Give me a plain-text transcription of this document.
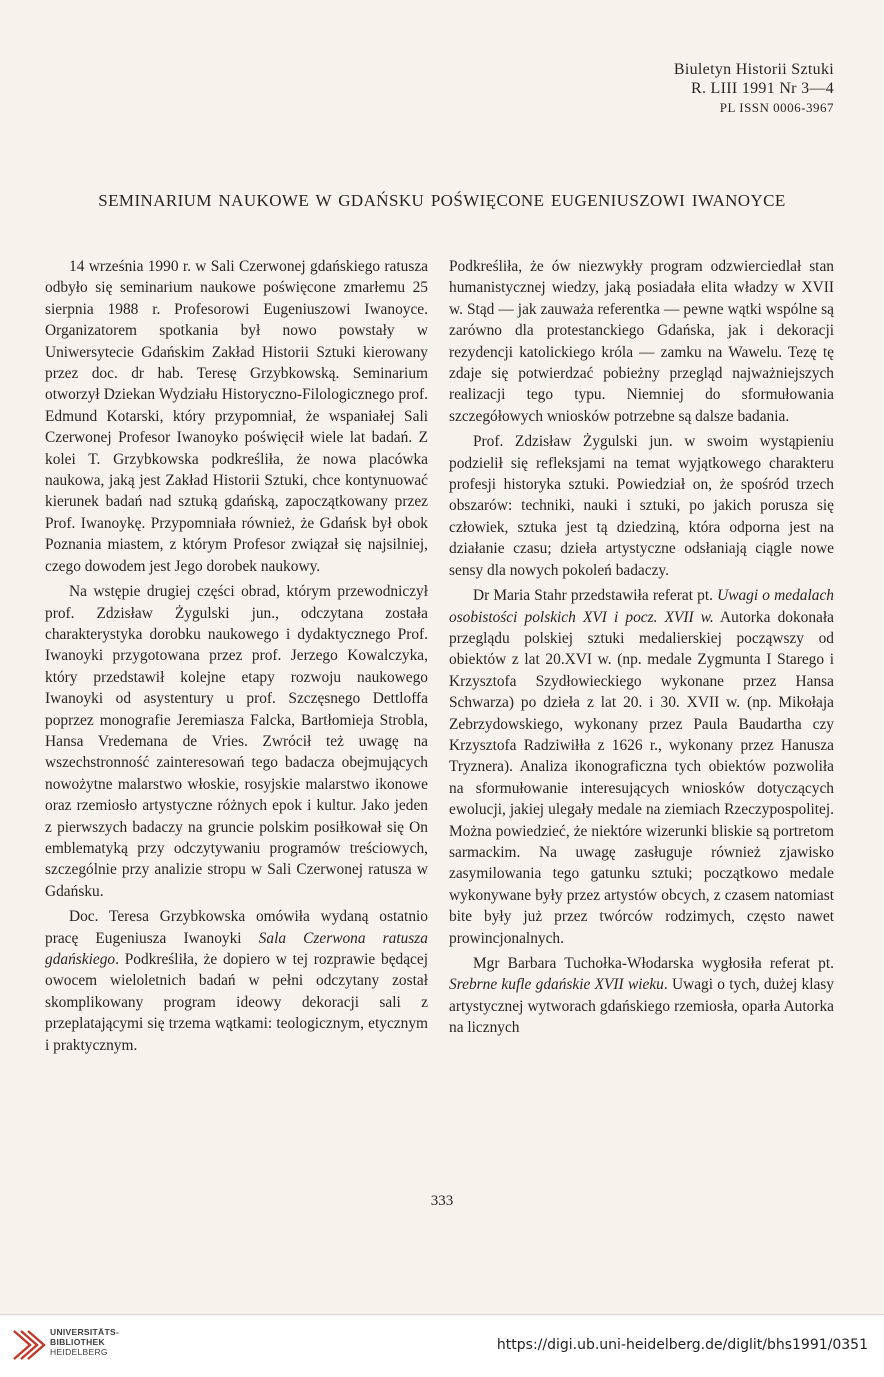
Biuletyn Historii Sztuki
R. LIII 1991 Nr 3—4
PL ISSN 0006-3967
SEMINARIUM NAUKOWE W GDAŃSKU POŚWIĘCONE EUGENIUSZOWI IWANOYCE

14 września 1990 r. w Sali Czerwonej gdańskiego ratusza odbyło się seminarium naukowe poświęcone zmarłemu 25 sierpnia 1988 r. Profesorowi Eugeniuszowi Iwanoyce. Organizatorem spotkania był nowo powstały w Uniwersytecie Gdańskim Zakład Historii Sztuki kierowany przez doc. dr hab. Teresę Grzybkowską. Seminarium otworzył Dziekan Wydziału Historyczno-Filologicznego prof. Edmund Kotarski, który przypomniał, że wspaniałej Sali Czerwonej Profesor Iwanoyko poświęcił wiele lat badań. Z kolei T. Grzybkowska podkreśliła, że nowa placówka naukowa, jaką jest Zakład Historii Sztuki, chce kontynuować kierunek badań nad sztuką gdańską, zapoczątkowany przez Prof. Iwanoykę. Przypomniała również, że Gdańsk był obok Poznania miastem, z którym Profesor związał się najsilniej, czego dowodem jest Jego dorobek naukowy.

Na wstępie drugiej części obrad, którym przewodniczył prof. Zdzisław Żygulski jun., odczytana została charakterystyka dorobku naukowego i dydaktycznego Prof. Iwanoyki przygotowana przez prof. Jerzego Kowalczyka, który przedstawił kolejne etapy rozwoju naukowego Iwanoyki od asystentury u prof. Szczęsnego Dettloffa poprzez monografie Jeremiasza Falcka, Bartłomieja Strobla, Hansa Vredemana de Vries. Zwrócił też uwagę na wszechstronność zainteresowań tego badacza obejmujących nowożytne malarstwo włoskie, rosyjskie malarstwo ikonowe oraz rzemiosło artystyczne różnych epok i kultur. Jako jeden z pierwszych badaczy na gruncie polskim posiłkował się On emblematyką przy odczytywaniu programów treściowych, szczególnie przy analizie stropu w Sali Czerwonej ratusza w Gdańsku.

Doc. Teresa Grzybkowska omówiła wydaną ostatnio pracę Eugeniusza Iwanoyki Sala Czerwona ratusza gdańskiego. Podkreśliła, że dopiero w tej rozprawie będącej owocem wieloletnich badań w pełni odczytany został skomplikowany program ideowy dekoracji sali z przeplatającymi się trzema wątkami: teologicznym, etycznym i praktycznym.

Podkreśliła, że ów niezwykły program odzwierciedlał stan humanistycznej wiedzy, jaką posiadała elita władzy w XVII w. Stąd — jak zauważa referentka — pewne wątki wspólne są zarówno dla protestanckiego Gdańska, jak i dekoracji rezydencji katolickiego króla — zamku na Wawelu. Tezę tę zdaje się potwierdzać pobieżny przegląd najważniejszych realizacji tego typu. Niemniej do sformułowania szczegółowych wniosków potrzebne są dalsze badania.

Prof. Zdzisław Żygulski jun. w swoim wystąpieniu podzielił się refleksjami na temat wyjątkowego charakteru profesji historyka sztuki. Powiedział on, że spośród trzech obszarów: techniki, nauki i sztuki, po jakich porusza się człowiek, sztuka jest tą dziedziną, która odporna jest na działanie czasu; dzieła artystyczne odsłaniają ciągle nowe sensy dla nowych pokoleń badaczy.

Dr Maria Stahr przedstawiła referat pt. Uwagi o medalach osobistości polskich XVI i pocz. XVII w. Autorka dokonała przeglądu polskiej sztuki medalierskiej począwszy od obiektów z lat 20.XVI w. (np. medale Zygmunta I Starego i Krzysztofa Szydłowieckiego wykonane przez Hansa Schwarza) po dzieła z lat 20. i 30. XVII w. (np. Mikołaja Zebrzydowskiego, wykonany przez Paula Baudartha czy Krzysztofa Radziwiłła z 1626 r., wykonany przez Hanusza Tryznera). Analiza ikonograficzna tych obiektów pozwoliła na sformułowanie interesujących wniosków dotyczących ewolucji, jakiej ulegały medale na ziemiach Rzeczypospolitej. Można powiedzieć, że niektóre wizerunki bliskie są portretom sarmackim. Na uwagę zasługuje również zjawisko zasymilowania tego gatunku sztuki; początkowo medale wykonywane były przez artystów obcych, z czasem natomiast bite były już przez twórców rodzimych, często nawet prowincjonalnych.

Mgr Barbara Tuchołka-Włodarska wygłosiła referat pt. Srebrne kufle gdańskie XVII wieku. Uwagi o tych, dużej klasy artystycznej wytworach gdańskiego rzemiosła, oparła Autorka na licznych

333
UNIVERSITÄTS-
BIBLIOTHEK
HEIDELBERG	https://digi.ub.uni-heidelberg.de/diglit/bhs1991/0351
